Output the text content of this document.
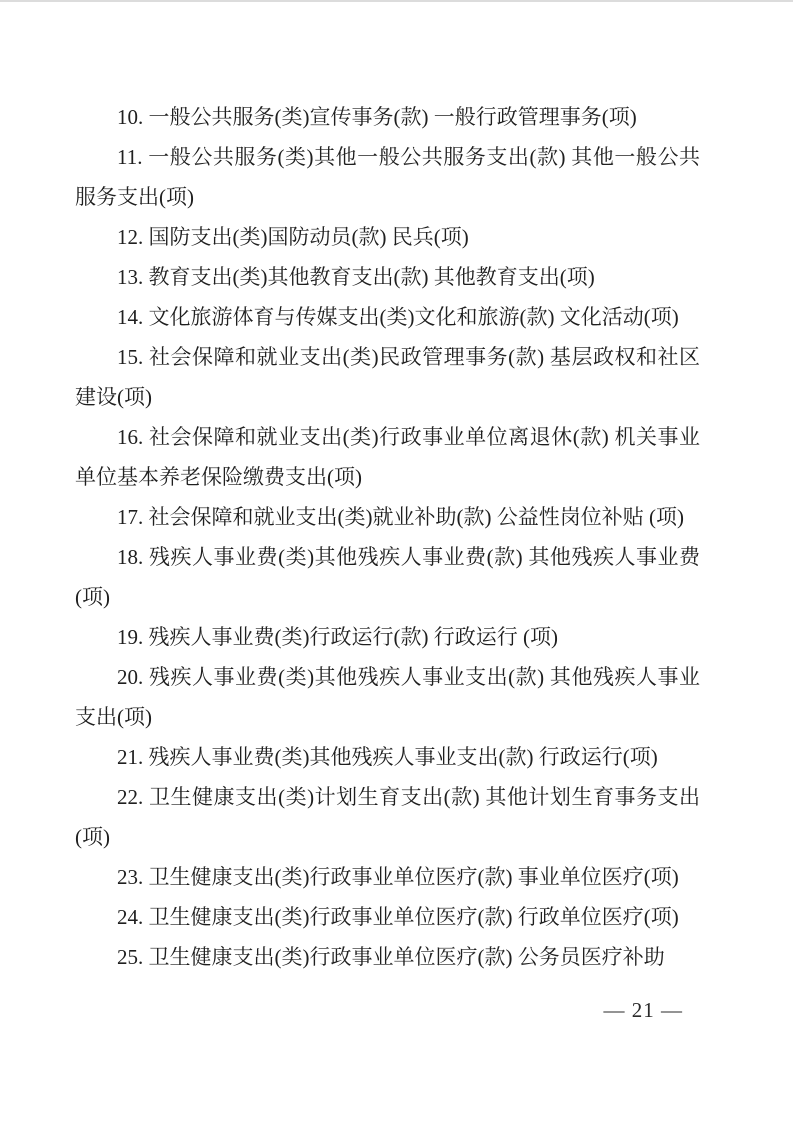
10. 一般公共服务(类)宣传事务(款) 一般行政管理事务(项)

11. 一般公共服务(类)其他一般公共服务支出(款) 其他一般公共服务支出(项)

12. 国防支出(类)国防动员(款) 民兵(项)

13. 教育支出(类)其他教育支出(款) 其他教育支出(项)

14. 文化旅游体育与传媒支出(类)文化和旅游(款) 文化活动(项)

15. 社会保障和就业支出(类)民政管理事务(款) 基层政权和社区建设(项)

16. 社会保障和就业支出(类)行政事业单位离退休(款) 机关事业单位基本养老保险缴费支出(项)

17. 社会保障和就业支出(类)就业补助(款) 公益性岗位补贴 (项)

18. 残疾人事业费(类)其他残疾人事业费(款) 其他残疾人事业费 (项)

19. 残疾人事业费(类)行政运行(款) 行政运行 (项)

20. 残疾人事业费(类)其他残疾人事业支出(款) 其他残疾人事业支出(项)

21. 残疾人事业费(类)其他残疾人事业支出(款) 行政运行(项)

22. 卫生健康支出(类)计划生育支出(款) 其他计划生育事务支出(项)

23. 卫生健康支出(类)行政事业单位医疗(款) 事业单位医疗(项)

24. 卫生健康支出(类)行政事业单位医疗(款) 行政单位医疗(项)

25. 卫生健康支出(类)行政事业单位医疗(款) 公务员医疗补助

— 21 —
